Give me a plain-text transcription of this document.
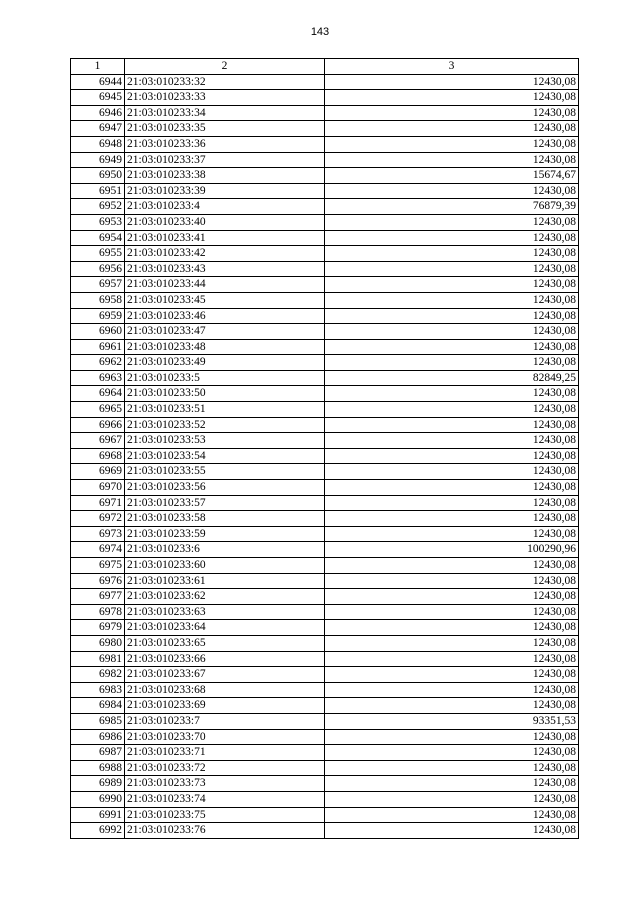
143
1	2	3
6944	21:03:010233:32	12430,08
6945	21:03:010233:33	12430,08
6946	21:03:010233:34	12430,08
6947	21:03:010233:35	12430,08
6948	21:03:010233:36	12430,08
6949	21:03:010233:37	12430,08
6950	21:03:010233:38	15674,67
6951	21:03:010233:39	12430,08
6952	21:03:010233:4	76879,39
6953	21:03:010233:40	12430,08
6954	21:03:010233:41	12430,08
6955	21:03:010233:42	12430,08
6956	21:03:010233:43	12430,08
6957	21:03:010233:44	12430,08
6958	21:03:010233:45	12430,08
6959	21:03:010233:46	12430,08
6960	21:03:010233:47	12430,08
6961	21:03:010233:48	12430,08
6962	21:03:010233:49	12430,08
6963	21:03:010233:5	82849,25
6964	21:03:010233:50	12430,08
6965	21:03:010233:51	12430,08
6966	21:03:010233:52	12430,08
6967	21:03:010233:53	12430,08
6968	21:03:010233:54	12430,08
6969	21:03:010233:55	12430,08
6970	21:03:010233:56	12430,08
6971	21:03:010233:57	12430,08
6972	21:03:010233:58	12430,08
6973	21:03:010233:59	12430,08
6974	21:03:010233:6	100290,96
6975	21:03:010233:60	12430,08
6976	21:03:010233:61	12430,08
6977	21:03:010233:62	12430,08
6978	21:03:010233:63	12430,08
6979	21:03:010233:64	12430,08
6980	21:03:010233:65	12430,08
6981	21:03:010233:66	12430,08
6982	21:03:010233:67	12430,08
6983	21:03:010233:68	12430,08
6984	21:03:010233:69	12430,08
6985	21:03:010233:7	93351,53
6986	21:03:010233:70	12430,08
6987	21:03:010233:71	12430,08
6988	21:03:010233:72	12430,08
6989	21:03:010233:73	12430,08
6990	21:03:010233:74	12430,08
6991	21:03:010233:75	12430,08
6992	21:03:010233:76	12430,08
